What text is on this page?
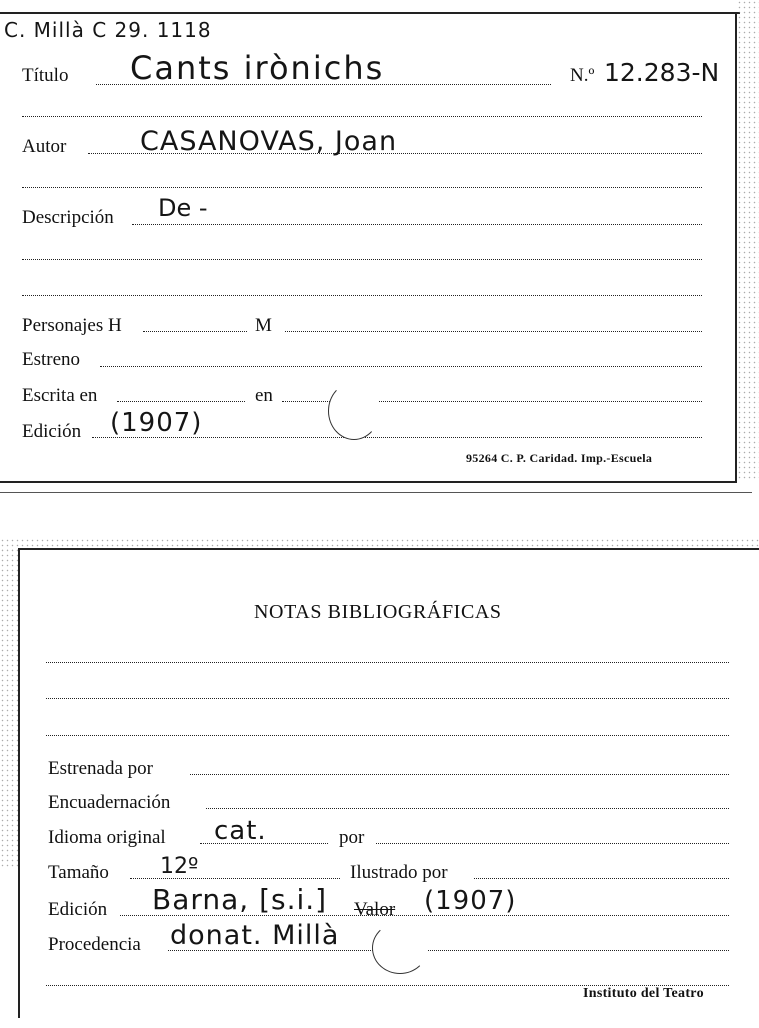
C. Millà C 29. 1118
Título Cants irònichs	N.º 12.283-N
Autor	CASANOVAS, Joan
Descripción De -
Personajes H	M
Estreno
Escrita en	en
Edición (1907)
95264 C. P. Caridad. Imp.-Escuela
NOTAS BIBLIOGRÁFICAS
Estrenada por
Encuadernación
Idioma original cat.	por
Tamaño 12º	Ilustrado por
Edición Barna, [s.i.] Valor (1907)
Procedencia donat. Millà
Instituto del Teatro
